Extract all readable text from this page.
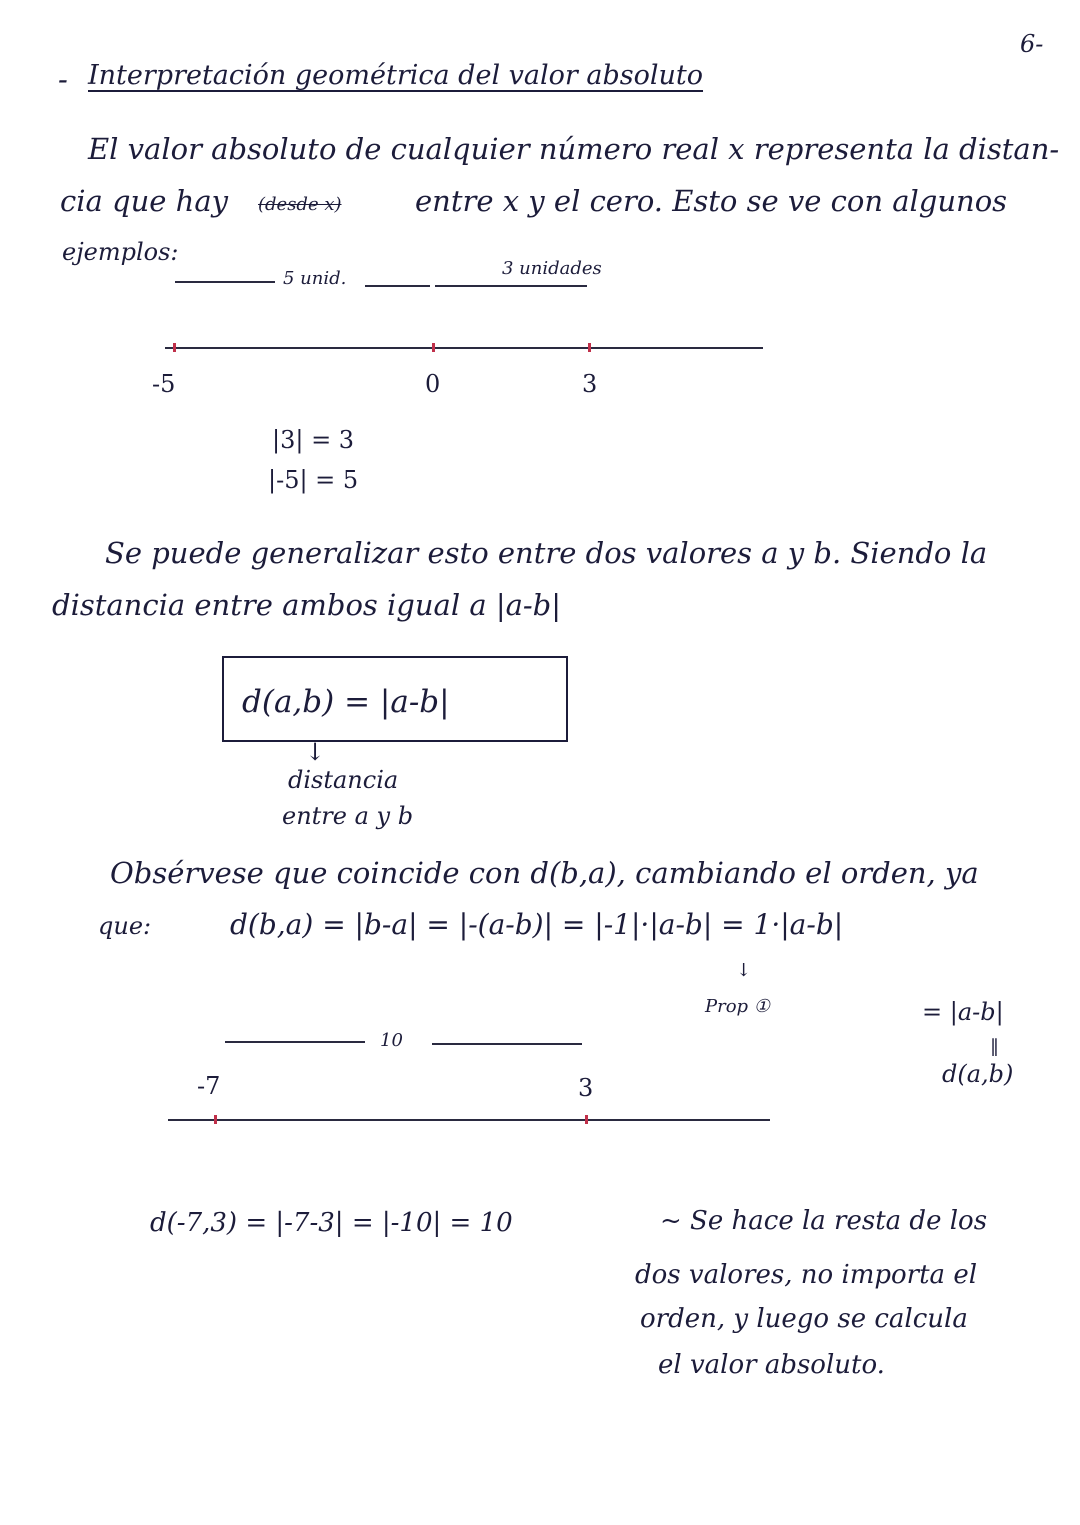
6-
- Interpretación geométrica del valor absoluto
El valor absoluto de cualquier número real x representa la distan-
cia que hay (desde x)	entre x y el cero. Esto se ve con algunos
ejemplos:
5 unid.	3 unidades
-5	0	3
|3| = 3
|-5| = 5
Se puede generalizar esto entre dos valores a y b. Siendo la
distancia entre ambos igual a |a-b|
d(a,b) = |a-b|
↓
distancia
entre a y b
Obsérvese que coincide con d(b,a), cambiando el orden, ya
que:	d(b,a) = |b-a| = |-(a-b)| = |-1|·|a-b| = 1·|a-b|
↓
Prop ①	= |a-b|
‖
d(a,b)
10
-7	3
d(-7,3) = |-7-3| = |-10| = 10	~ Se hace la resta de los
dos valores, no importa el
orden, y luego se calcula
el valor absoluto.
